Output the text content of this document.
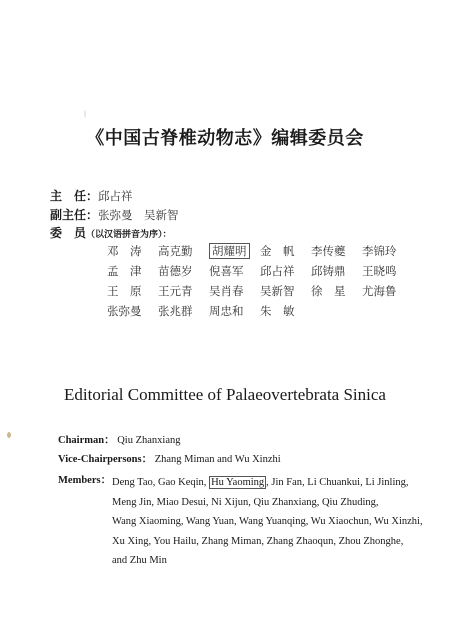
《中国古脊椎动物志》编辑委员会
主　任：邱占祥
副主任：张弥曼　吴新智
委　员（以汉语拼音为序）：
邓　涛	高克勤	胡耀明	金　帆	李传夔	李锦玲
孟　津	苗德岁	倪喜军	邱占祥	邱铸鼎	王晓鸣
王　原	王元青	吴肖春	吴新智	徐　星	尤海鲁
张弥曼	张兆群	周忠和	朱　敏
Editorial Committee of Palaeovertebrata Sinica
Chairman： Qiu Zhanxiang
Vice-Chairpersons： Zhang Miman and Wu Xinzhi
Members： Deng Tao, Gao Keqin, Hu Yaoming , Jin Fan, Li Chuankui, Li Jinling,
Meng Jin, Miao Desui, Ni Xijun, Qiu Zhanxiang, Qiu Zhuding,
Wang Xiaoming, Wang Yuan, Wang Yuanqing, Wu Xiaochun, Wu Xinzhi,
Xu Xing, You Hailu, Zhang Miman, Zhang Zhaoqun, Zhou Zhonghe,
and Zhu Min
